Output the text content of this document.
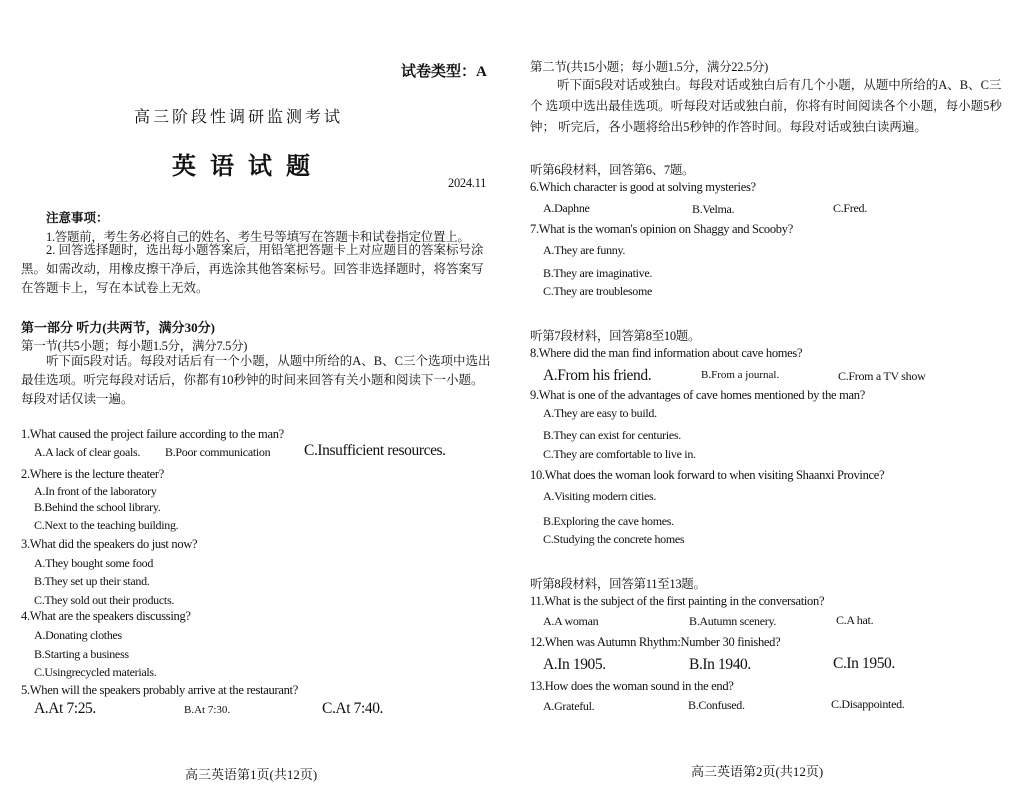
试卷类型：A
高三阶段性调研监测考试
英 语 试 题
2024.11
注意事项：
1.答题前，考生务必将自己的姓名、考生号等填写在答题卡和试卷指定位置上。
2. 回答选择题时，选出每小题答案后，用铅笔把答题卡上对应题目的答案标号涂黑。如需改动，用橡皮擦干净后，再选涂其他答案标号。回答非选择题时，将答案写在答题卡上，写在本试卷上无效。
第一部分 听力(共两节，满分30分)
第一节(共5小题；每小题1.5分，满分7.5分)
听下面5段对话。每段对话后有一个小题，从题中所给的A、B、C三个选项中选出最佳选项。听完每段对话后，你都有10秒钟的时间来回答有关小题和阅读下一小题。每段对话仅读一遍。
1.What caused the project failure according to the man?
A.A lack of clear goals. B.Poor communication C.Insufficient resources.
2.Where is the lecture theater?
A.In front of the laboratory
B.Behind the school library.
C.Next to the teaching building.
3.What did the speakers do just now?
A.They bought some food
B.They set up their stand.
C.They sold out their products.
4.What are the speakers discussing?
A.Donating clothes
B.Starting a business
C.Usingrecycled materials.
5.When will the speakers probably arrive at the restaurant?
A.At 7:25.	B.At 7:30.	C.At 7:40.
高三英语第1页(共12页)
第二节(共15小题；每小题1.5分，满分22.5分)
听下面5段对话或独白。每段对话或独白后有几个小题，从题中所给的A、B、C三个 选项中选出最佳选项。听每段对话或独白前，你将有时间阅读各个小题，每小题5秒钟； 听完后，各小题将给出5秒钟的作答时间。每段对话或独白读两遍。
听第6段材料，回答第6、7题。
6.Which character is good at solving mysteries?
A.Daphne	B.Velma.	C.Fred.
7.What is the woman's opinion on Shaggy and Scooby?
A.They are funny.
B.They are imaginative.
C.They are troublesome
听第7段材料，回答第8至10题。
8.Where did the man find information about cave homes?
A.From his friend.	B.From a journal.	C.From a TV show
9.What is one of the advantages of cave homes mentioned by the man?
A.They are easy to build.
B.They can exist for centuries.
C.They are comfortable to live in.
10.What does the woman look forward to when visiting Shaanxi Province?
A.Visiting modern cities.
B.Exploring the cave homes.
C.Studying the concrete homes
听第8段材料，回答第11至13题。
11.What is the subject of the first painting in the conversation?
A.A woman	B.Autumn scenery.	C.A hat.
12.When was Autumn Rhythm:Number 30 finished?
A.In 1905.	B.In 1940.	C.In 1950.
13.How does the woman sound in the end?
A.Grateful.	B.Confused.	C.Disappointed.
高三英语第2页(共12页)
